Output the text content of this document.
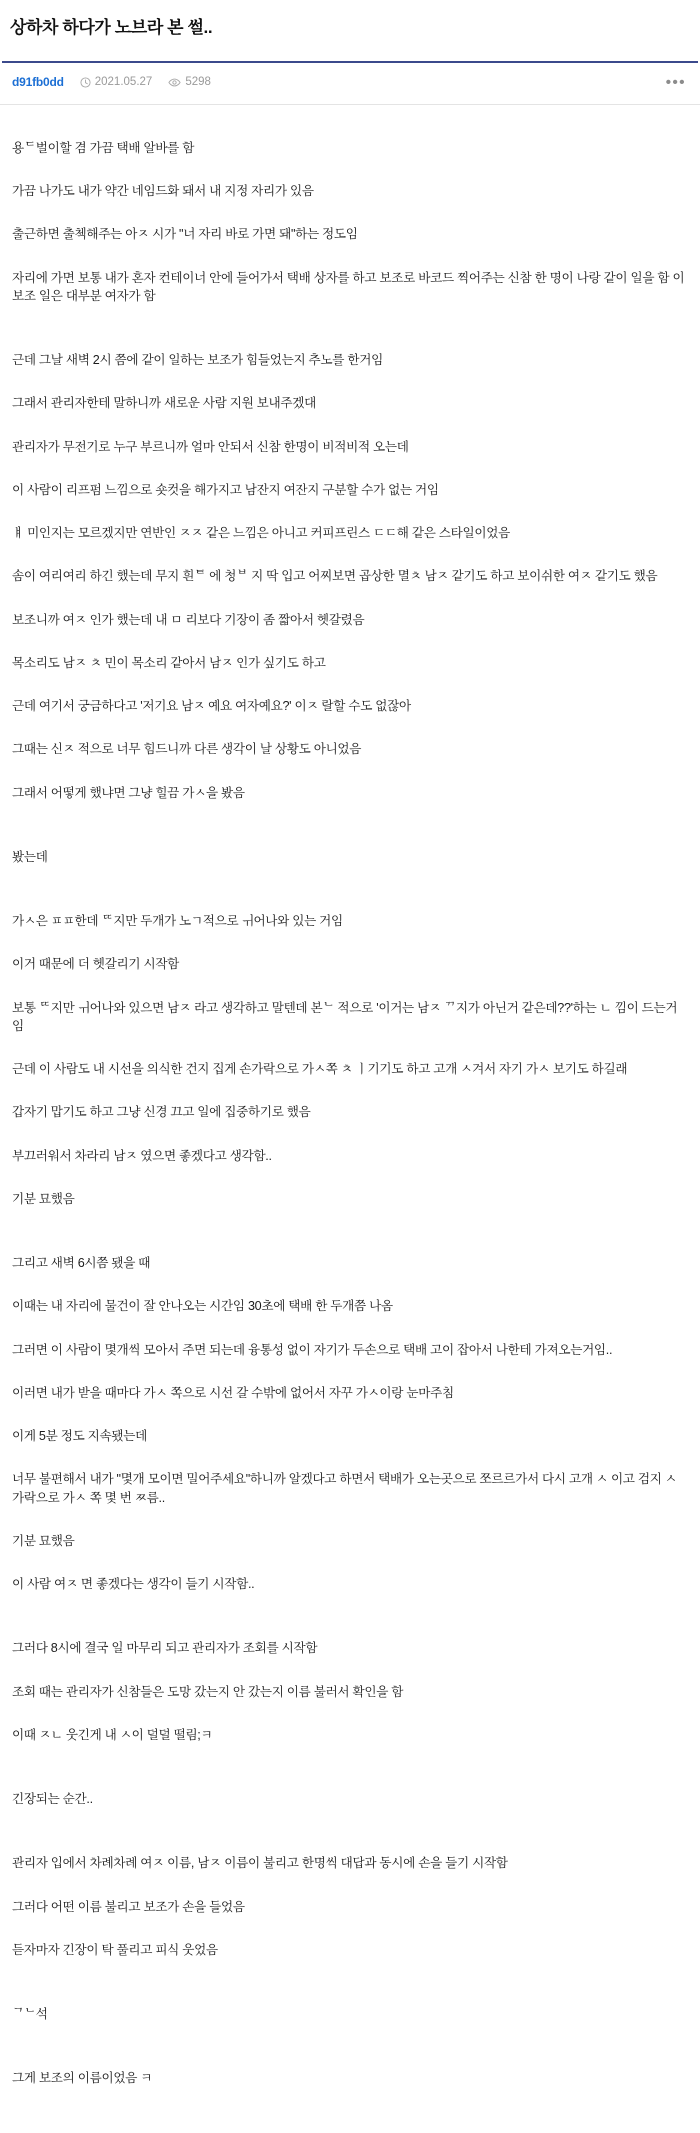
상하차 하다가 노브라 본 썰..
d91fb0dd	2021.05.27	5298	•••

용ᄃ벌이할 겸 가끔 택배 알바를 함

가끔 나가도 내가 약간 네임드화 돼서 내 지정 자리가 있음

출근하면 출첵해주는 아ㅈ 시가 "너 자리 바로 가면 돼"하는 정도임

자리에 가면 보통 내가 혼자 컨테이너 안에 들어가서 택배 상자를 하고 보조로 바코드 찍어주는 신참 한 명이 나랑 같이 일을 함 이 보조 일은 대부분 여자가 함

근데 그날 새벽 2시 쯤에 같이 일하는 보조가 힘들었는지 추노를 한거임

그래서 관리자한테 말하니까 새로운 사람 지원 보내주겠대

관리자가 무전기로 누구 부르니까 얼마 안되서 신참 한명이 비적비적 오는데

이 사람이 리프펌 느낌으로 숏컷을 해가지고 남잔지 여잔지 구분할 수가 없는 거임

ㅒ 미인지는 모르겠지만 연반인 ㅈㅈ 같은 느낌은 아니고 커피프린스 ㄷㄷ해 같은 스타일이었음

솜이 여리여리 하긴 했는데 무지 흰ᄐ 에 청ᄇ 지 딱 입고 어찌보면 곱상한 멸ㅊ 남ㅈ 같기도 하고 보이쉬한 여ㅈ 같기도 했음

보조니까 여ㅈ 인가 했는데 내 ㅁ 리보다 기장이 좀 짧아서 헷갈렸음

목소리도 남ㅈ ㅊ 민이 목소리 같아서 남ㅈ 인가 싶기도 하고

근데 여기서 궁금하다고 '저기요 남ㅈ 예요 여자예요?' 이ㅈ 랄할 수도 없잖아

그때는 신ㅈ 적으로 너무 힘드니까 다른 생각이 날 상황도 아니었음

그래서 어떻게 했냐면 그냥 힐끔 가ㅅ을 봤음

봤는데

가ㅅ은 ㅍㅍ한데 ᄄ지만 두개가 노ㄱ적으로 ㅟ어나와 있는 거임

이거 때문에 더 헷갈리기 시작함

보통 ᄄ지만 ㅟ어나와 있으면 남ㅈ 라고 생각하고 말텐데 본ᄂ 적으로 '이거는 남ㅈ ᄁ지가 아닌거 같은데??'하는 ㄴ 낌이 드는거임

근데 이 사람도 내 시선을 의식한 건지 집게 손가락으로 가ㅅ쪽 ㅊ ㅣ기기도 하고 고개 ㅅ겨서 자기 가ㅅ 보기도 하길래

갑자기 맙기도 하고 그냥 신경 끄고 일에 집중하기로 했음

부끄러워서 차라리 남ㅈ 였으면 좋겠다고 생각함..

기분 묘했음

그리고 새벽 6시쯤 됐을 때

이때는 내 자리에 물건이 잘 안나오는 시간임 30초에 택배 한 두개쯤 나옴

그러면 이 사람이 몇개씩 모아서 주면 되는데 융통성 없이 자기가 두손으로 택배 고이 잡아서 나한테 가져오는거임..

이러면 내가 받을 때마다 가ㅅ 쪽으로 시선 갈 수밖에 없어서 자꾸 가ㅅ이랑 눈마주침

이게 5분 정도 지속됐는데

너무 불편해서 내가 "몇개 모이면 밀어주세요"하니까 알겠다고 하면서 택배가 오는곳으로 쪼르르가서 다시 고개 ㅅ 이고 검지 ㅅ가락으로 가ㅅ 쪽 몇 번 ㅉ름..

기분 묘했음

이 사람 여ㅈ 면 좋겠다는 생각이 들기 시작함..

그러다 8시에 결국 일 마무리 되고 관리자가 조회를 시작함

조회 때는 관리자가 신참들은 도망 갔는지 안 갔는지 이름 불러서 확인을 함

이때 ㅈㄴ 웃긴게 내 ㅅ이 덜덜 떨림;ㅋ

긴장되는 순간..

관리자 입에서 차례차례 여ㅈ 이름, 남ㅈ 이름이 불리고 한명씩 대답과 동시에 손을 들기 시작함

그러다 어떤 이름 불리고 보조가 손을 들었음

듣자마자 긴장이 탁 풀리고 피식 웃었음

ᄀᄂ석

그게 보조의 이름이었음 ㅋ
